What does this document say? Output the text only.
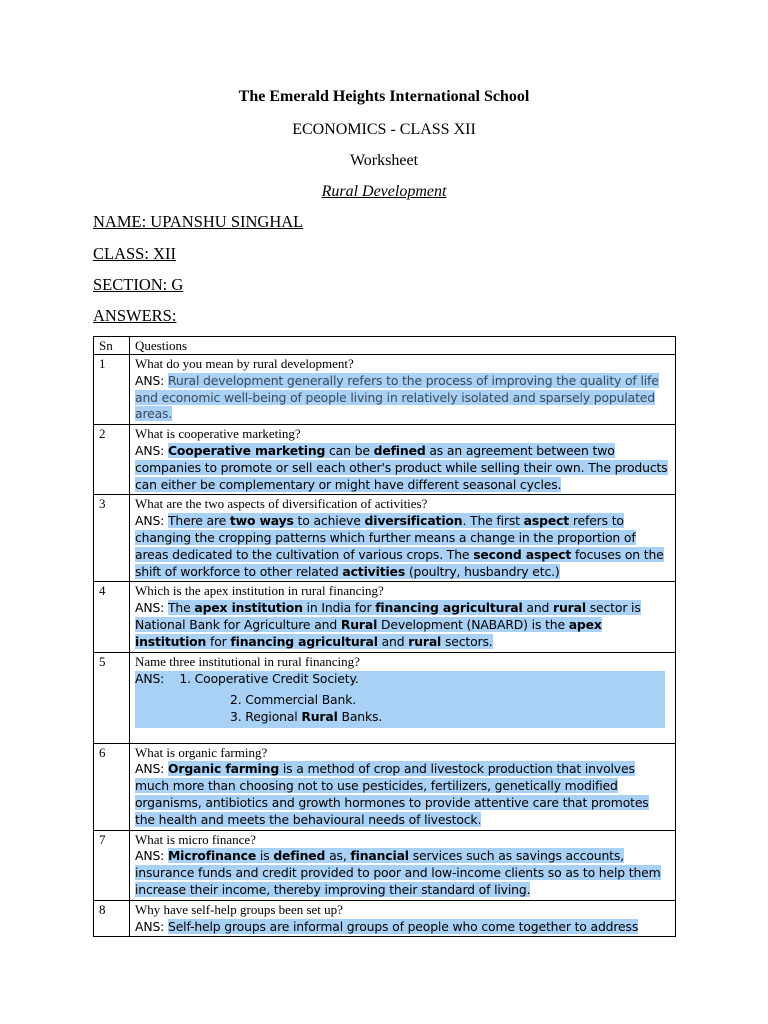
The Emerald Heights International School
ECONOMICS - CLASS XII
Worksheet
Rural Development
NAME: UPANSHU SINGHAL
CLASS: XII
SECTION: G
ANSWERS:
Sn	Questions
1	What do you mean by rural development?
ANS: Rural development generally refers to the process of improving the quality of life and economic well-being of people living in relatively isolated and sparsely populated areas.

2	What is cooperative marketing?
ANS: Cooperative marketing can be defined as an agreement between two companies to promote or sell each other's product while selling their own. The products can either be complementary or might have different seasonal cycles.

3	What are the two aspects of diversification of activities?
ANS: There are two ways to achieve diversification. The first aspect refers to changing the cropping patterns which further means a change in the proportion of areas dedicated to the cultivation of various crops. The second aspect focuses on the shift of workforce to other related activities (poultry, husbandry etc.)

4	Which is the apex institution in rural financing?
ANS: The apex institution in India for financing agricultural and rural sector is National Bank for Agriculture and Rural Development (NABARD) is the apex institution for financing agricultural and rural sectors.

5	Name three institutional in rural financing?
ANS: 1. Cooperative Credit Society.
2. Commercial Bank.
3. Regional Rural Banks.

6	What is organic farming?
ANS: Organic farming is a method of crop and livestock production that involves much more than choosing not to use pesticides, fertilizers, genetically modified organisms, antibiotics and growth hormones to provide attentive care that promotes the health and meets the behavioural needs of livestock.

7	What is micro finance?
ANS: Microfinance is defined as, financial services such as savings accounts, insurance funds and credit provided to poor and low-income clients so as to help them increase their income, thereby improving their standard of living.

8	Why have self-help groups been set up?
ANS: Self-help groups are informal groups of people who come together to address
